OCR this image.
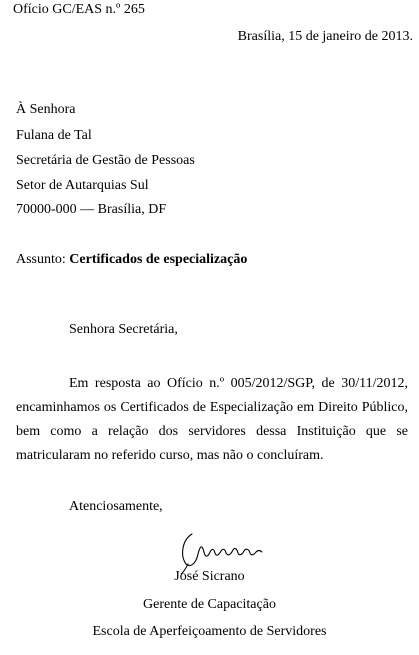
Ofício GC/EAS n.º 265
Brasília, 15 de janeiro de 2013.
À Senhora
Fulana de Tal
Secretária de Gestão de Pessoas
Setor de Autarquias Sul
70000-000 — Brasília, DF
Assunto: Certificados de especialização
Senhora Secretária,

Em resposta ao Ofício n.º 005/2012/SGP, de 30/11/2012, encaminhamos os Certificados de Especialização em Direito Público, bem como a relação dos servidores dessa Instituição que se matricularam no referido curso, mas não o concluíram.

Atenciosamente,
José Sicrano
Gerente de Capacitação
Escola de Aperfeiçoamento de Servidores
